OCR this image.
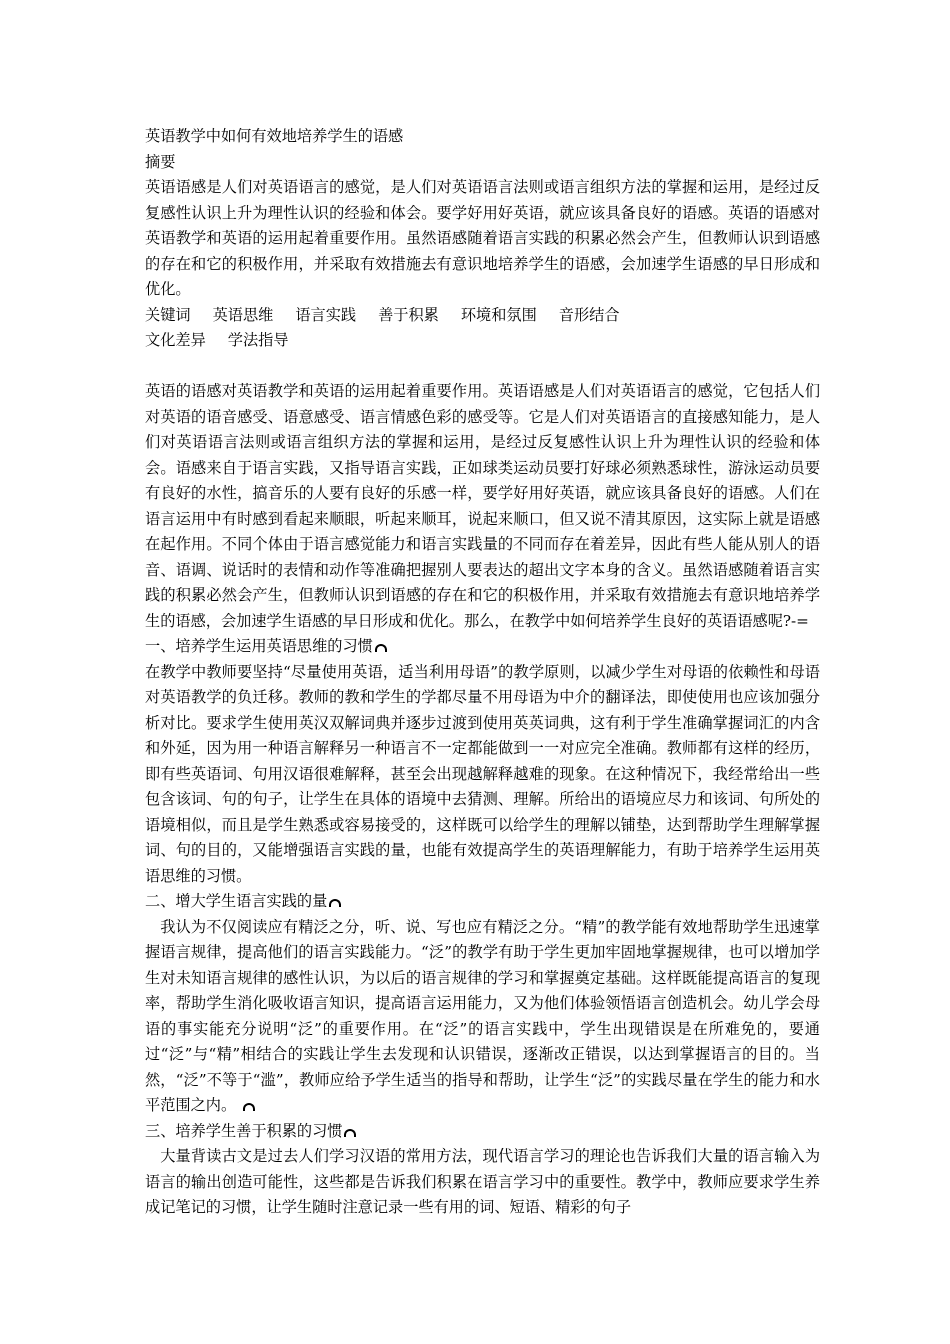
英语教学中如何有效地培养学生的语感
摘要

英语语感是人们对英语语言的感觉，是人们对英语语言法则或语言组织方法的掌握和运用，是经过反复感性认识上升为理性认识的经验和体会。要学好用好英语，就应该具备良好的语感。英语的语感对英语教学和英语的运用起着重要作用。虽然语感随着语言实践的积累必然会产生，但教师认识到语感的存在和它的积极作用，并采取有效措施去有意识地培养学生的语感，会加速学生语感的早日形成和优化。

关键词 英语思维 语言实践 善于积累 环境和氛围 音形结合
文化差异 学法指导

英语的语感对英语教学和英语的运用起着重要作用。英语语感是人们对英语语言的感觉，它包括人们对英语的语音感受、语意感受、语言情感色彩的感受等。它是人们对英语语言的直接感知能力，是人们对英语语言法则或语言组织方法的掌握和运用，是经过反复感性认识上升为理性认识的经验和体会。语感来自于语言实践，又指导语言实践，正如球类运动员要打好球必须熟悉球性，游泳运动员要有良好的水性，搞音乐的人要有良好的乐感一样，要学好用好英语，就应该具备良好的语感。人们在语言运用中有时感到看起来顺眼，听起来顺耳，说起来顺口，但又说不清其原因，这实际上就是语感在起作用。不同个体由于语言感觉能力和语言实践量的不同而存在着差异，因此有些人能从别人的语音、语调、说话时的表情和动作等准确把握别人要表达的超出文字本身的含义。虽然语感随着语言实践的积累必然会产生，但教师认识到语感的存在和它的积极作用，并采取有效措施去有意识地培养学生的语感，会加速学生语感的早日形成和优化。那么，在教学中如何培养学生良好的英语语感呢?-=

一、培养学生运用英语思维的习惯

在教学中教师要坚持“尽量使用英语，适当利用母语”的教学原则，以减少学生对母语的依赖性和母语对英语教学的负迁移。教师的教和学生的学都尽量不用母语为中介的翻译法，即使使用也应该加强分析对比。要求学生使用英汉双解词典并逐步过渡到使用英英词典，这有利于学生准确掌握词汇的内含和外延，因为用一种语言解释另一种语言不一定都能做到一一对应完全准确。教师都有这样的经历，即有些英语词、句用汉语很难解释，甚至会出现越解释越难的现象。在这种情况下，我经常给出一些包含该词、句的句子，让学生在具体的语境中去猜测、理解。所给出的语境应尽力和该词、句所处的语境相似，而且是学生熟悉或容易接受的，这样既可以给学生的理解以铺垫，达到帮助学生理解掌握词、句的目的，又能增强语言实践的量，也能有效提高学生的英语理解能力，有助于培养学生运用英语思维的习惯。

二、增大学生语言实践的量

我认为不仅阅读应有精泛之分，听、说、写也应有精泛之分。“精”的教学能有效地帮助学生迅速掌握语言规律，提高他们的语言实践能力。“泛”的教学有助于学生更加牢固地掌握规律，也可以增加学生对未知语言规律的感性认识，为以后的语言规律的学习和掌握奠定基础。这样既能提高语言的复现率，帮助学生消化吸收语言知识，提高语言运用能力，又为他们体验领悟语言创造机会。幼儿学会母语的事实能充分说明“泛”的重要作用。在“泛”的语言实践中，学生出现错误是在所难免的，要通过“泛”与“精”相结合的实践让学生去发现和认识错误，逐渐改正错误，以达到掌握语言的目的。当然，“泛”不等于“滥”，教师应给予学生适当的指导和帮助，让学生“泛”的实践尽量在学生的能力和水平范围之内。

三、培养学生善于积累的习惯

大量背读古文是过去人们学习汉语的常用方法，现代语言学习的理论也告诉我们大量的语言输入为语言的输出创造可能性，这些都是告诉我们积累在语言学习中的重要性。教学中，教师应要求学生养成记笔记的习惯，让学生随时注意记录一些有用的词、短语、精彩的句子
